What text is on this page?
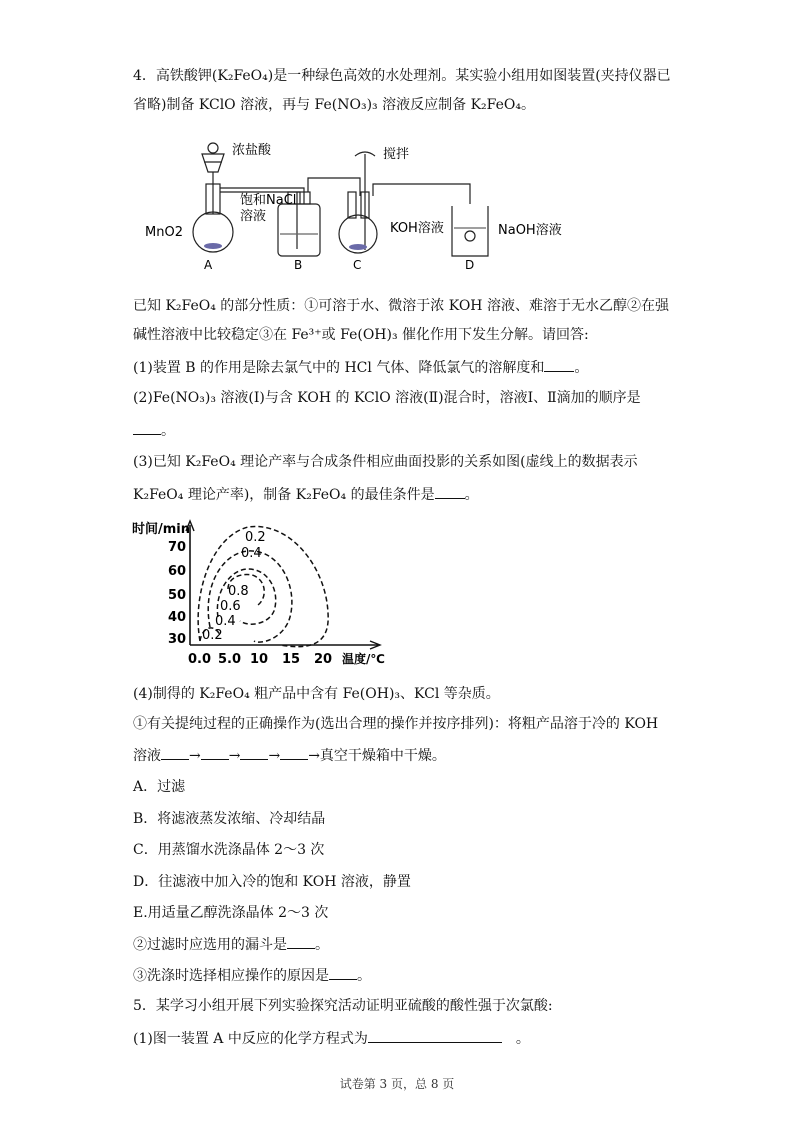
4．高铁酸钾(K₂FeO₄)是一种绿色高效的水处理剂。某实验小组用如图装置(夹持仪器已
省略)制备 KClO 溶液，再与 Fe(NO₃)₃ 溶液反应制备 K₂FeO₄。
浓盐酸	搅拌
饱和NaCl
溶液
MnO2	KOH溶液	NaOH溶液
A	B	C	D
已知 K₂FeO₄ 的部分性质：①可溶于水、微溶于浓 KOH 溶液、难溶于无水乙醇②在强
碱性溶液中比较稳定③在 Fe³⁺或 Fe(OH)₃ 催化作用下发生分解。请回答:
(1)装置 B 的作用是除去氯气中的 HCl 气体、降低氯气的溶解度和 。
(2)Fe(NO₃)₃ 溶液(Ⅰ)与含 KOH 的 KClO 溶液(Ⅱ)混合时，溶液Ⅰ、Ⅱ滴加的顺序是
。
(3)已知 K₂FeO₄ 理论产率与合成条件相应曲面投影的关系如图(虚线上的数据表示
K₂FeO₄ 理论产率)，制备 K₂FeO₄ 的最佳条件是 。
时间/min
温度/℃
30
40
50
60
70
0.0 5.0 10 15 20
0.2
0.4
0.8
0.6
0.4
0.2
(4)制得的 K₂FeO₄ 粗产品中含有 Fe(OH)₃、KCl 等杂质。
①有关提纯过程的正确操作为(选出合理的操作并按序排列)：将粗产品溶于冷的 KOH
溶液 → → → →真空干燥箱中干燥。
A．过滤
B．将滤液蒸发浓缩、冷却结晶
C．用蒸馏水洗涤晶体 2～3 次
D．往滤液中加入冷的饱和 KOH 溶液，静置
E.用适量乙醇洗涤晶体 2～3 次
②过滤时应选用的漏斗是 。
③洗涤时选择相应操作的原因是 。
5．某学习小组开展下列实验探究活动证明亚硫酸的酸性强于次氯酸:
(1)图一装置 A 中反应的化学方程式为	。
试卷第 3 页，总 8 页
